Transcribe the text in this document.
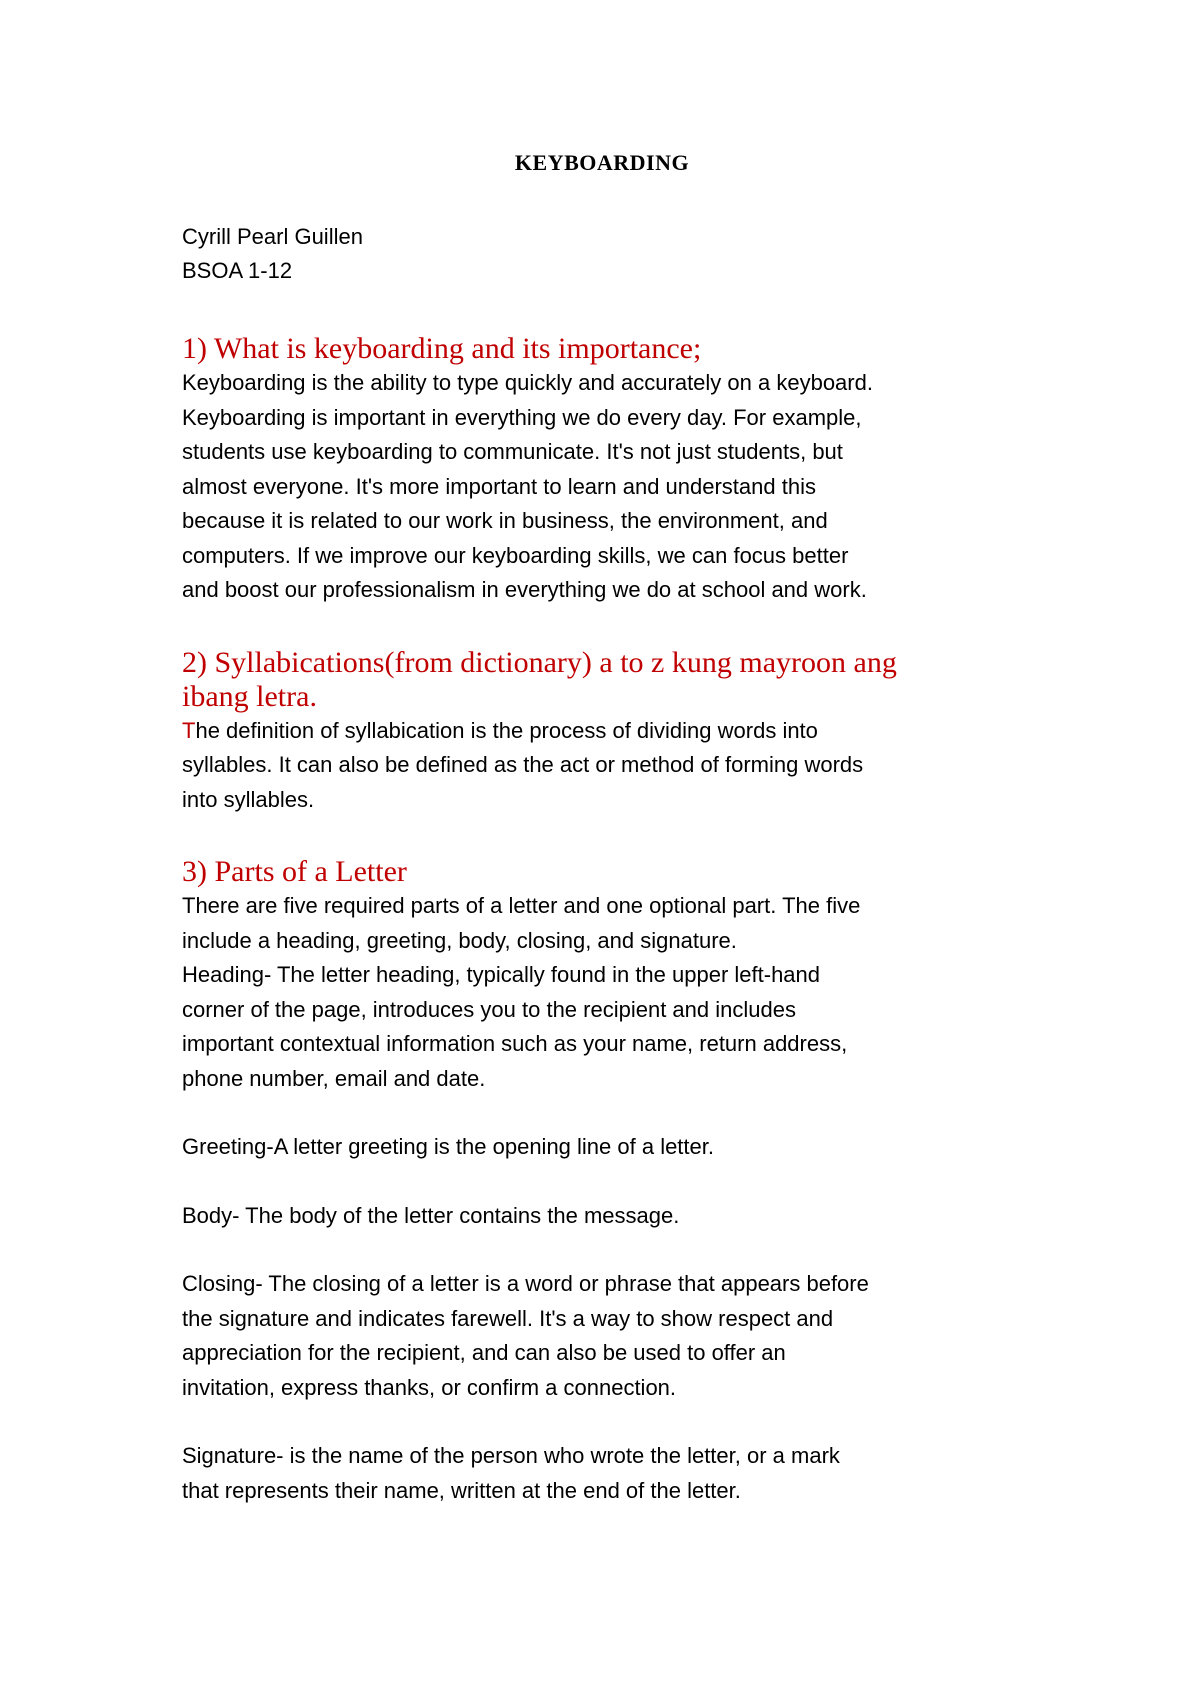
KEYBOARDING

Cyrill Pearl Guillen

BSOA 1-12

1) What is keyboarding and its importance;

Keyboarding is the ability to type quickly and accurately on a keyboard.

Keyboarding is important in everything we do every day. For example,

students use keyboarding to communicate. It's not just students, but

almost everyone. It's more important to learn and understand this

because it is related to our work in business, the environment, and

computers. If we improve our keyboarding skills, we can focus better

and boost our professionalism in everything we do at school and work.

2) Syllabications(from dictionary) a to z kung mayroon ang

ibang letra.

The definition of syllabication is the process of dividing words into

syllables. It can also be defined as the act or method of forming words

into syllables.

3) Parts of a Letter

There are five required parts of a letter and one optional part. The five

include a heading, greeting, body, closing, and signature.

Heading- The letter heading, typically found in the upper left-hand

corner of the page, introduces you to the recipient and includes

important contextual information such as your name, return address,

phone number, email and date.

Greeting-A letter greeting is the opening line of a letter.

Body- The body of the letter contains the message.

Closing- The closing of a letter is a word or phrase that appears before

the signature and indicates farewell. It's a way to show respect and

appreciation for the recipient, and can also be used to offer an

invitation, express thanks, or confirm a connection.

Signature- is the name of the person who wrote the letter, or a mark

that represents their name, written at the end of the letter.
